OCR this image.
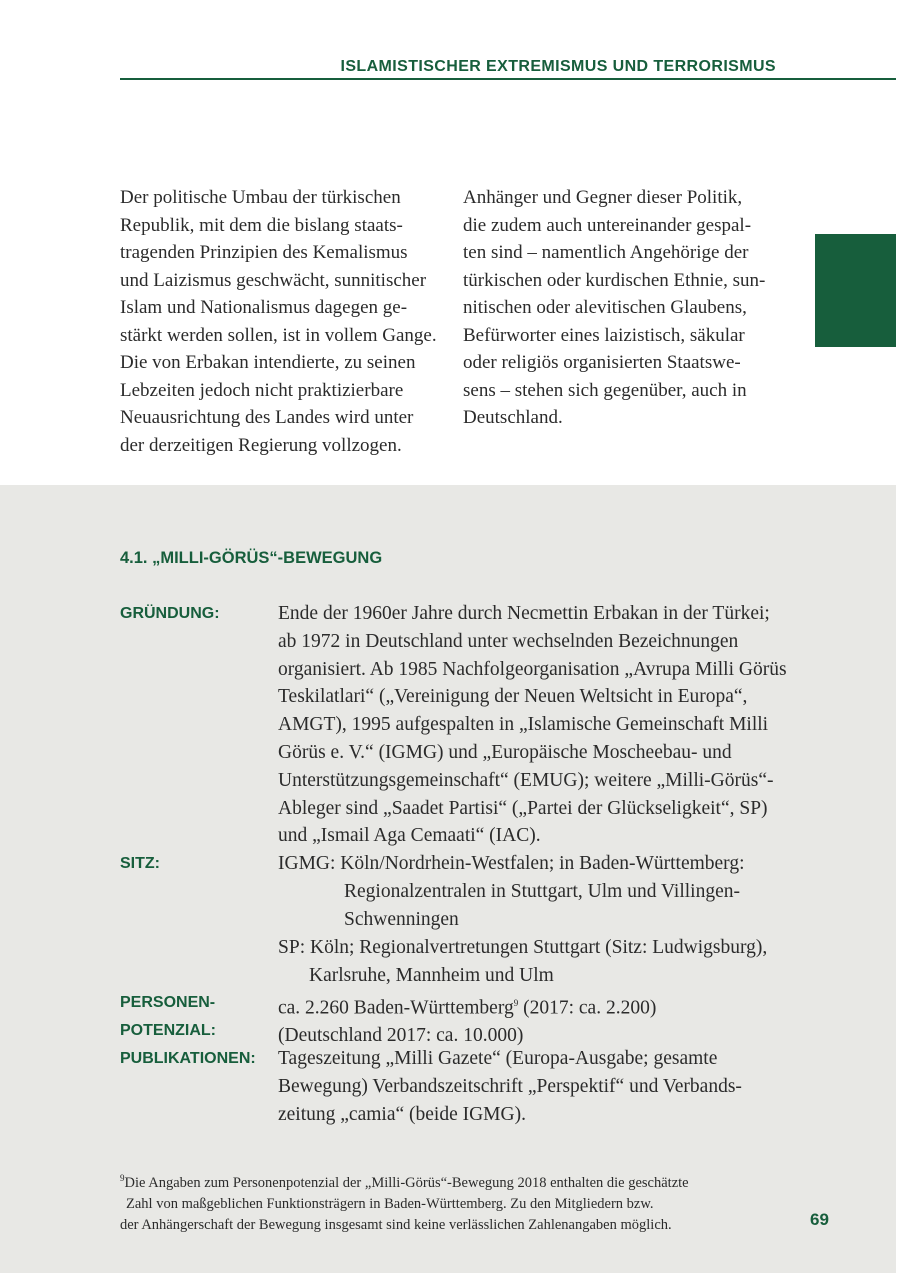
ISLAMISTISCHER EXTREMISMUS UND TERRORISMUS
Der politische Umbau der türkischen
Republik, mit dem die bislang staats-
tragenden Prinzipien des Kemalismus
und Laizismus geschwächt, sunnitischer
Islam und Nationalismus dagegen ge-
stärkt werden sollen, ist in vollem Gange.
Die von Erbakan intendierte, zu seinen
Lebzeiten jedoch nicht praktizierbare
Neuausrichtung des Landes wird unter
der derzeitigen Regierung vollzogen.
Anhänger und Gegner dieser Politik,
die zudem auch untereinander gespal-
ten sind – namentlich Angehörige der
türkischen oder kurdischen Ethnie, sun-
nitischen oder alevitischen Glaubens,
Befürworter eines laizistisch, säkular
oder religiös organisierten Staatswe-
sens – stehen sich gegenüber, auch in
Deutschland.
4.1. „MILLI-GÖRÜS“-BEWEGUNG
GRÜNDUNG:	Ende der 1960er Jahre durch Necmettin Erbakan in der Türkei;
ab 1972 in Deutschland unter wechselnden Bezeichnungen
organisiert. Ab 1985 Nachfolgeorganisation „Avrupa Milli Görüs
Teskilatlari“ („Vereinigung der Neuen Weltsicht in Europa“,
AMGT), 1995 aufgespalten in „Islamische Gemeinschaft Milli
Görüs e. V.“ (IGMG) und „Europäische Moscheebau- und
Unterstützungsgemeinschaft“ (EMUG); weitere „Milli-Görüs“-
Ableger sind „Saadet Partisi“ („Partei der Glückseligkeit“, SP)
und „Ismail Aga Cemaati“ (IAC).
SITZ:	IGMG: Köln/Nordrhein-Westfalen; in Baden-Württemberg:
Regionalzentralen in Stuttgart, Ulm und Villingen-
Schwenningen
SP: Köln; Regionalvertretungen Stuttgart (Sitz: Ludwigsburg),
Karlsruhe, Mannheim und Ulm
PERSONEN-
POTENZIAL:
ca. 2.260 Baden-Württemberg$^9$ (2017: ca. 2.200)
(Deutschland 2017: ca. 10.000)
PUBLIKATIONEN: Tageszeitung „Milli Gazete“ (Europa-Ausgabe; gesamte
Bewegung) Verbandszeitschrift „Perspektif“ und Verbands-
zeitung „camia“ (beide IGMG).
$^9$Die Angaben zum Personenpotenzial der „Milli-Görüs“-Bewegung 2018 enthalten die geschätzte
Zahl von maßgeblichen Funktionsträgern in Baden-Württemberg. Zu den Mitgliedern bzw.
der Anhängerschaft der Bewegung insgesamt sind keine verlässlichen Zahlenangaben möglich.	69
